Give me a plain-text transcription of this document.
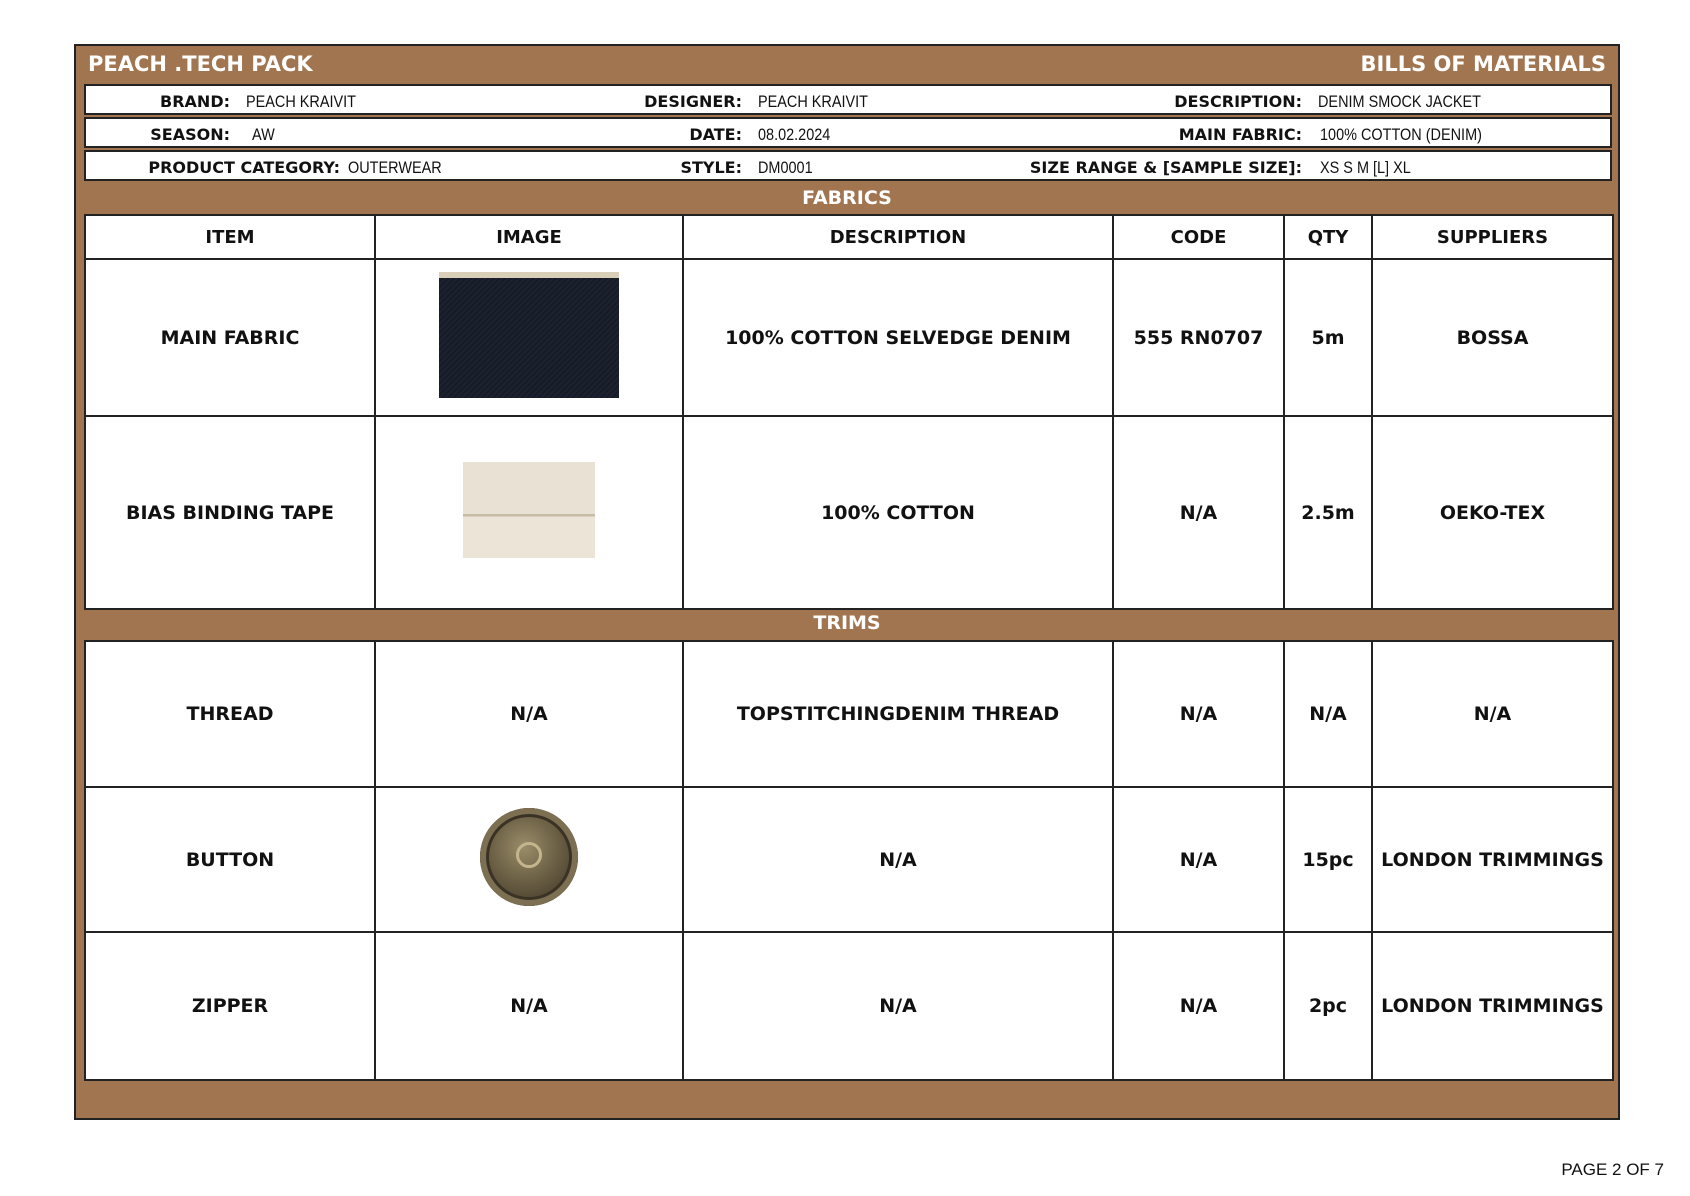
PEACH .TECH PACK	BILLS OF MATERIALS
BRAND: PEACH KRAIVIT	DESIGNER: PEACH KRAIVIT	DESCRIPTION: DENIM SMOCK JACKET
SEASON: AW	DATE: 08.02.2024	MAIN FABRIC: 100% COTTON (DENIM)
PRODUCT CATEGORY: OUTERWEAR	STYLE: DM0001	SIZE RANGE & [SAMPLE SIZE]: XS S M [L] XL
FABRICS
ITEM	IMAGE	DESCRIPTION	CODE	QTY	SUPPLIERS
MAIN FABRIC		100% COTTON SELVEDGE DENIM	555 RN0707	5m	BOSSA
BIAS BINDING TAPE		100% COTTON	N/A	2.5m	OEKO-TEX
TRIMS
THREAD	N/A	TOPSTITCHINGDENIM THREAD	N/A	N/A	N/A
BUTTON		N/A	N/A	15pc	LONDON TRIMMINGS
ZIPPER	N/A	N/A	N/A	2pc	LONDON TRIMMINGS
PAGE 2 OF 7
